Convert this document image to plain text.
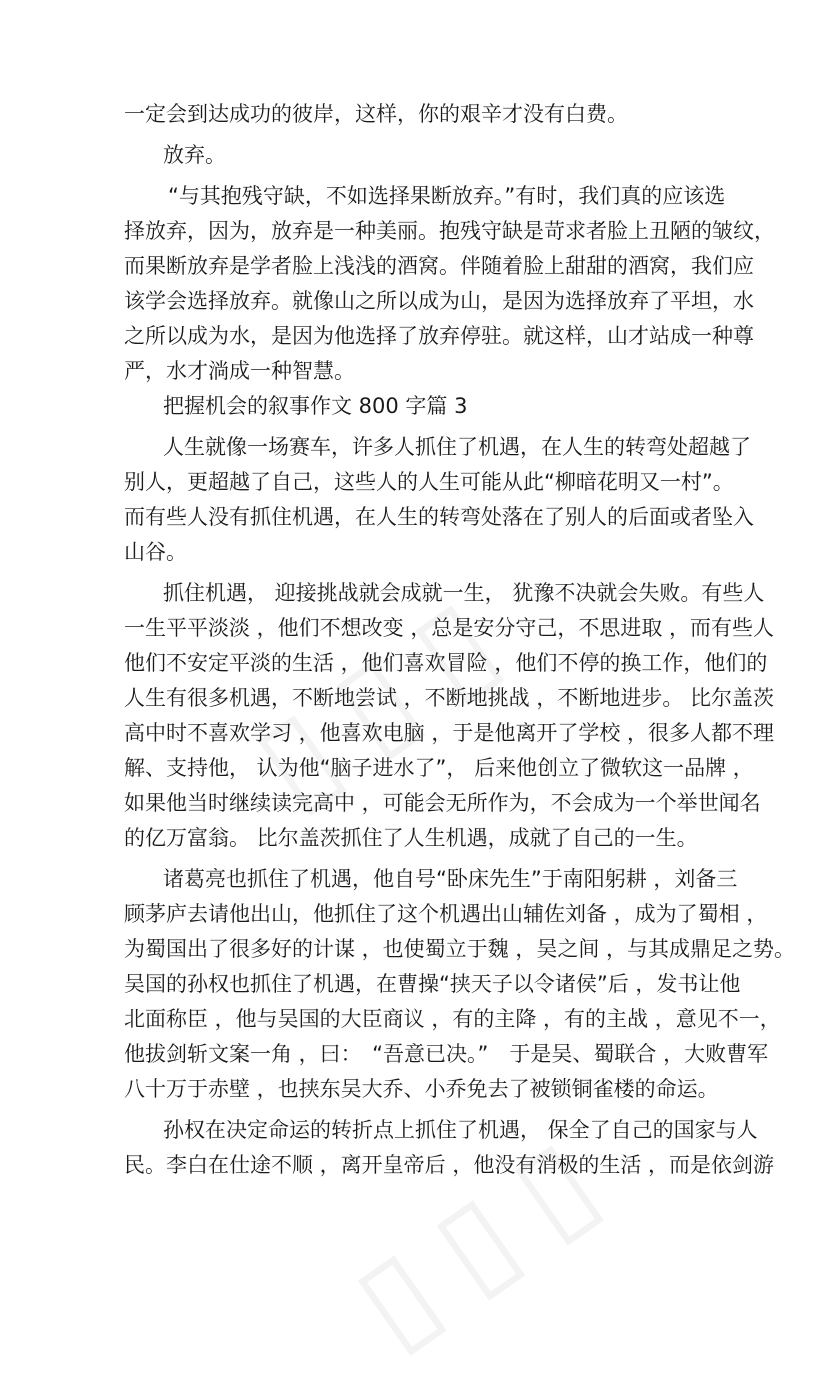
一定会到达成功的彼岸，这样，你的艰辛才没有白费。
放弃。
“与其抱残守缺，不如选择果断放弃。”有时，我们真的应该选
择放弃，因为，放弃是一种美丽。抱残守缺是苛求者脸上丑陋的皱纹，
而果断放弃是学者脸上浅浅的酒窝。伴随着脸上甜甜的酒窝，我们应
该学会选择放弃。就像山之所以成为山，是因为选择放弃了平坦，水
之所以成为水，是因为他选择了放弃停驻。就这样，山才站成一种尊
严，水才淌成一种智慧。
把握机会的叙事作文 800 字篇 3
人生就像一场赛车，许多人抓住了机遇，在人生的转弯处超越了
别人，更超越了自己，这些人的人生可能从此“柳暗花明又一村”。
而有些人没有抓住机遇，在人生的转弯处落在了别人的后面或者坠入
山谷。
抓住机遇， 迎接挑战就会成就一生， 犹豫不决就会失败。有些人
一生平平淡淡 ，他们不想改变 ，总是安分守己，不思进取 ，而有些人
他们不安定平淡的生活 ，他们喜欢冒险 ，他们不停的换工作，他们的
人生有很多机遇，不断地尝试 ，不断地挑战 ，不断地进步。 比尔盖茨
高中时不喜欢学习 ，他喜欢电脑 ，于是他离开了学校 ，很多人都不理
解、支持他， 认为他“脑子进水了”， 后来他创立了微软这一品牌 ，
如果他当时继续读完高中 ，可能会无所作为，不会成为一个举世闻名
的亿万富翁。 比尔盖茨抓住了人生机遇，成就了自己的一生。
诸葛亮也抓住了机遇，他自号“卧床先生”于南阳躬耕 ，刘备三
顾茅庐去请他出山，他抓住了这个机遇出山辅佐刘备 ，成为了蜀相 ，
为蜀国出了很多好的计谋 ，也使蜀立于魏 ，吴之间 ，与其成鼎足之势。
吴国的孙权也抓住了机遇，在曹操“挟天子以令诸侯”后 ，发书让他
北面称臣 ，他与吴国的大臣商议 ，有的主降 ，有的主战 ，意见不一，
他拔剑斩文案一角 ，曰：　“吾意已决。”　于是吴、蜀联合 ，大败曹军
八十万于赤壁 ，也挟东吴大乔、小乔免去了被锁铜雀楼的命运。
孙权在决定命运的转折点上抓住了机遇， 保全了自己的国家与人
民。李白在仕途不顺 ，离开皇帝后 ，他没有消极的生活 ，而是依剑游
